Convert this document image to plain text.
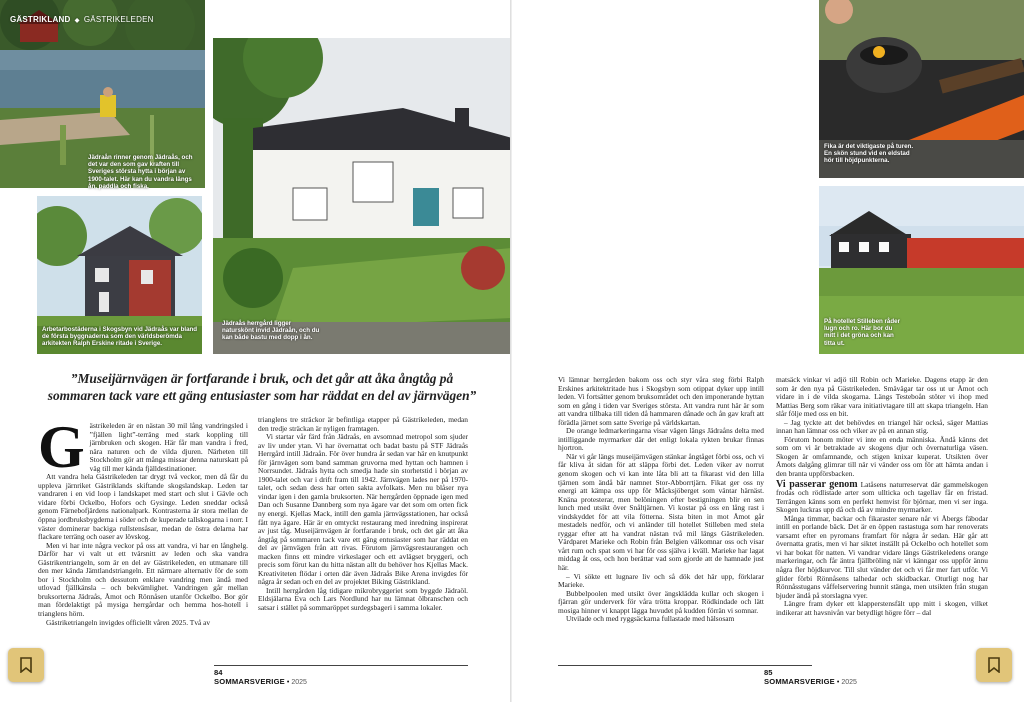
GÄSTRIKLAND  ◆  GÄSTRIKELEDEN
Jädraån rinner genom Jädraås, och det var den som gav kraften till Sveriges största hytta i början av 1900-talet. Här kan du vandra längs ån, paddla och fiska.
Arbetarbostäderna i Skogsbyn vid Jädraås var bland de första byggnaderna som den världsberömda arkitekten Ralph Erskine ritade i Sverige.
Jädraås herrgård ligger naturskönt invid Jädraån, och du kan både bastu med dopp i ån.
”Museijärnvägen är fortfarande i bruk, och det går att åka ångtåg på sommaren tack vare ett gäng entusiaster som har räddat en del av järnvägen”

Gästrikeleden är en nästan 30 mil lång vandringsled i ”fjällen light”-terräng med stark koppling till järnbruken och skogen. Här får man vandra i fred, nära naturen och de vilda djuren. Närheten till Stockholm gör att många missar denna naturskatt på väg till mer kända fjälldestinationer.

Att vandra hela Gästrikeleden tar drygt två veckor, men då får du uppleva järnriket Gästriklands skiftande skogslandskap. Leden tar vandraren i en vid loop i landskapet med start och slut i Gävle och vidare förbi Ockelbo, Hofors och Gysinge. Leden sneddar också genom Färnebofjärdens nationalpark. Kontrasterna är stora mellan de öppna jordbruksbygderna i söder och de kuperade tallskogarna i norr. I väster dominerar backiga rullstensåsar, medan de östra delarna har flackare terräng och oaser av lövskog.

Men vi har inte några veckor på oss att vandra, vi har en långhelg. Därför har vi valt ut ett tvärsnitt av leden och ska vandra Gästrikentriangeln, som är en del av Gästrikeleden, en utmanare till den mer kända Jämtlandstriangeln. Ett närmare alternativ för de som bor i Stockholm och dessutom enklare vandring men ändå med utlovad fjällkänsla – och bekvämlighet. Vandringen går mellan bruksorterna Jädraås, Åmot och Rönnåsen utanför Ockelbo. Bor gör man fördelaktigt på mysiga herrgårdar och hemma hos-hotell i trianglens hörn.

Gästriketriangeln invigdes officiellt våren 2025. Två av

trianglens tre sträckor är befintliga etapper på Gästrikeleden, medan den tredje sträckan är nyligen framtagen.

Vi startar vår färd från Jädraås, en avsomnad metropol som sjuder av liv under ytan. Vi har övernattat och badat bastu på STF Jädraås Herrgård intill Jädraån. För över hundra år sedan var här en knutpunkt för järnvägen som band samman gruvorna med hyttan och hamnen i Norrsundet. Jädraås hytta och smedja hade sin storhetstid i början av 1900-talet och var i drift fram till 1942. Järnvägen lades ner på 1970-talet, och sedan dess har orten sakta avfolkats. Men nu blåser nya vindar igen i den gamla bruksorten. När herrgården öppnade igen med Dan och Susanne Dannberg som nya ägare var det som om orten fick ny energi. Kjellas Mack, intill den gamla järnvägsstationen, har också fått nya ägare. Här är en omtyckt restaurang med inredning inspirerat av just tåg. Museijärnvägen är fortfarande i bruk, och det går att åka ångtåg på sommaren tack vare ett gäng entusiaster som har räddat en del av järnvägen från att rivas. Förutom järnvägsrestaurangen och macken finns ett mindre virkeslager och ett avlägset bryggeri, och precis som förut kan du hitta nästan allt du behöver hos Kjellas Mack. Kreativiteten flödar i orten där även Jädraås Bike Arena invigdes för några år sedan och en del av projektet Biking Gästrikland.

Intill herrgården låg tidigare mikrobryggeriet som byggde Jädraöl. Eldsjälarna Eva och Lars Nordlund har nu lämnat ölbranschen och satsar i stället på sommaröppet surdegsbageri i samma lokaler.

84
SOMMARSVERIGE • 2025
Fika är det viktigaste på turen. En skön stund vid en eldstad hör till höjdpunkterna.
På hotellet Stilleben råder lugn och ro. Här bor du mitt i det gröna och kan titta ut.

Vi lämnar herrgården bakom oss och styr våra steg förbi Ralph Erskines arkitektritade hus i Skogsbyn som otippat dyker upp intill leden. Vi fortsätter genom bruksområdet och den imponerande hyttan som en gång i tiden var Sveriges största. Att vandra runt här är som att vandra tillbaka till tiden då hammaren dånade och ån gav kraft att förädla järnet som satte Sverige på världskartan.

De orange ledmarkeringarna visar vägen längs Jädraåns delta med intilliggande myrmarker där det enligt lokala rykten brukar finnas hjortron.

När vi går längs museijärnvägen stänkar ångtåget förbi oss, och vi får kliva åt sidan för att släppa förbi det. Leden viker av norrut genom skogen och vi kan inte låta bli att ta fikarast vid den lilla tjärnen som ändå bär namnet Stor-Abborrtjärn. Fikat ger oss ny energi att kämpa oss upp för Måcksjöberget som väntar härnäst. Knäna protesterar, men belöningen efter bestigningen blir en sen lunch med utsikt över Snåltjärnen. Vi kostar på oss en lång rast i vindskyddet för att vila fötterna. Sista biten in mot Åmot går mestadels nedför, och vi anländer till hotellet Stilleben med stela ryggar efter att ha vandrat nästan två mil längs Gästrikeleden. Värdparet Marieke och Robin från Belgien välkomnar oss och visar vårt rum och spat som vi har för oss själva i kväll. Marieke har lagat middag åt oss, och hon berättar vad som gjorde att de hamnade just här.

– Vi sökte ett lugnare liv och så dök det här upp, förklarar Marieke.

Bubbelpoolen med utsikt över ängsklädda kullar och skogen i fjärran gör underverk för våra trötta kroppar. Rödkindade och lätt mosiga hinner vi knappt lägga huvudet på kudden förrän vi somnar.

Utvilade och med ryggsäckarna fullastade med hälsosam

matsäck vinkar vi adjö till Robin och Marieke. Dagens etapp är den som är den nya på Gästrikeleden. Smävägar tar oss ut ur Åmot och vidare in i de vilda skogarna. Längs Testeboån stöter vi ihop med Mattias Berg som räkar vara initiativtagare till att skapa triangeln. Han slår följe med oss en bit.

– Jag tyckte att det behövdes en triangel här också, säger Mattias innan han lämnar oss och viker av på en annan stig.

Förutom honom möter vi inte en enda människa. Ändå känns det som om vi är betraktade av skogens djur och övernaturliga väsen. Skogen är omfamnande, och stigen knixar kuperat. Utsikten över Åmots dalgång glimrar till när vi vänder oss om för att hämta andan i den branta uppförsbacken.

Vi passerar genom Latåsens naturreservat där gammelskogen frodas och rödlistade arter som ullticka och tagellav får en fristad. Terrängen känns som en perfekt hemvist för björnar, men vi ser inga. Skogen luckras upp då och då av mindre myrmarker.

Många timmar, backar och fikaraster senare når vi Åbergs fäbodar intill en porlande bäck. Det är en öppen rastastuga som har renoverats varsamt efter en pyromans framfart för några år sedan. Här går att övernatta gratis, men vi har siktet inställt på Ockelbo och hotellet som vi har bokat för natten. Vi vandrar vidare längs Gästrikeledens orange markeringar, och får äntra fjällbröling när vi känngar oss uppför ännu några fler höjdkurvor. Till slut vänder det och vi får mer fart utför. Vi glider förbi Rönnåsens talhedar och skidbackar. Oturligt nog har Rönnåsstugans våffelservering hunnit stänga, men utsikten från stugan bjuder ändå på storslagna vyer.

Längre fram dyker ett klapperstensfält upp mitt i skogen, vilket indikerar att havsnivån var betydligt högre förr – dal

85
SOMMARSVERIGE • 2025
